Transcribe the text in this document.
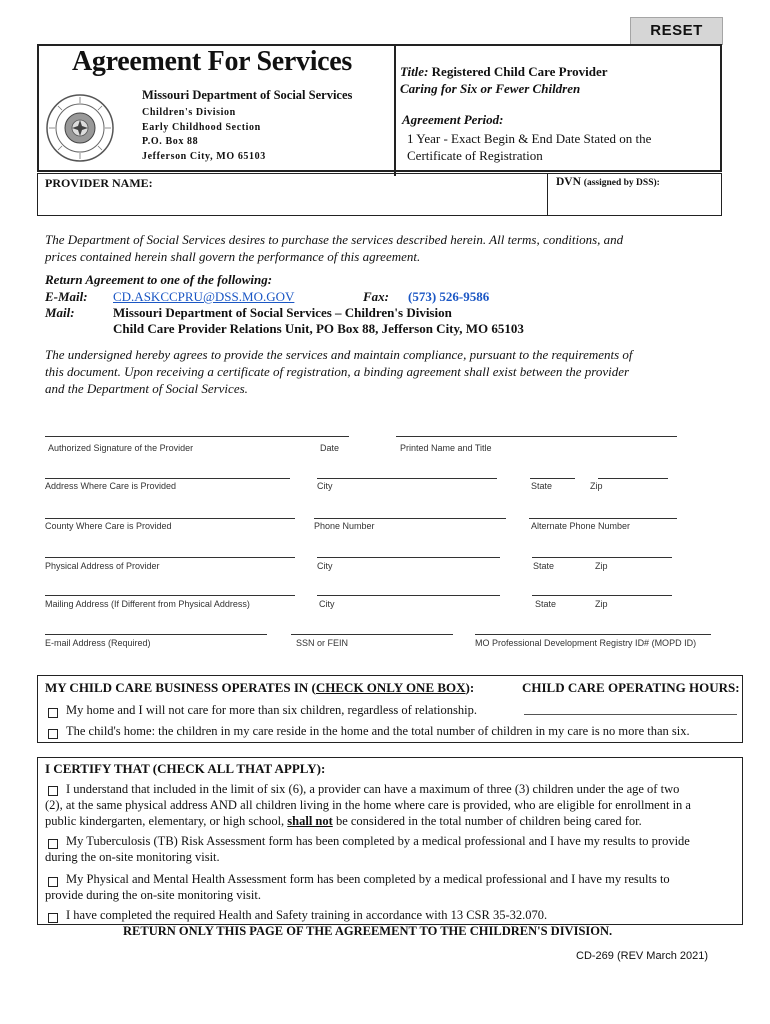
RESET
Agreement For Services
Missouri Department of Social Services
Children's Division
Early Childhood Section
P.O. Box 88
Jefferson City, MO 65103
Title: Registered Child Care Provider
Caring for Six or Fewer Children
Agreement Period:
1 Year - Exact Begin & End Date Stated on the
Certificate of Registration
PROVIDER NAME:	DVN (assigned by DSS):
The Department of Social Services desires to purchase the services described herein. All terms, conditions, and
prices contained herein shall govern the performance of this agreement.
Return Agreement to one of the following:
E-Mail: CD.ASKCCPRU@DSS.MO.GOV	Fax: (573) 526-9586
Mail:	Missouri Department of Social Services – Children's Division
Child Care Provider Relations Unit, PO Box 88, Jefferson City, MO 65103
The undersigned hereby agrees to provide the services and maintain compliance, pursuant to the requirements of
this document. Upon receiving a certificate of registration, a binding agreement shall exist between the provider
and the Department of Social Services.
Authorized Signature of the Provider	Date	Printed Name and Title
Address Where Care is Provided	City	State	Zip
County Where Care is Provided	Phone Number	Alternate Phone Number
Physical Address of Provider	City	State	Zip
Mailing Address (If Different from Physical Address)	City	State	Zip
E-mail Address (Required)	SSN or FEIN	MO Professional Development Registry ID# (MOPD ID)
MY CHILD CARE BUSINESS OPERATES IN (CHECK ONLY ONE BOX):	CHILD CARE OPERATING HOURS:
My home and I will not care for more than six children, regardless of relationship.
The child's home: the children in my care reside in the home and the total number of children in my care is no more than six.
I CERTIFY THAT (CHECK ALL THAT APPLY):
I understand that included in the limit of six (6), a provider can have a maximum of three (3) children under the age of two
(2), at the same physical address AND all children living in the home where care is provided, who are eligible for enrollment in a
public kindergarten, elementary, or high school, shall not be considered in the total number of children being cared for.
My Tuberculosis (TB) Risk Assessment form has been completed by a medical professional and I have my results to provide
during the on-site monitoring visit.
My Physical and Mental Health Assessment form has been completed by a medical professional and I have my results to
provide during the on-site monitoring visit.
I have completed the required Health and Safety training in accordance with 13 CSR 35-32.070.
RETURN ONLY THIS PAGE OF THE AGREEMENT TO THE CHILDREN'S DIVISION.
CD-269 (REV March 2021)
